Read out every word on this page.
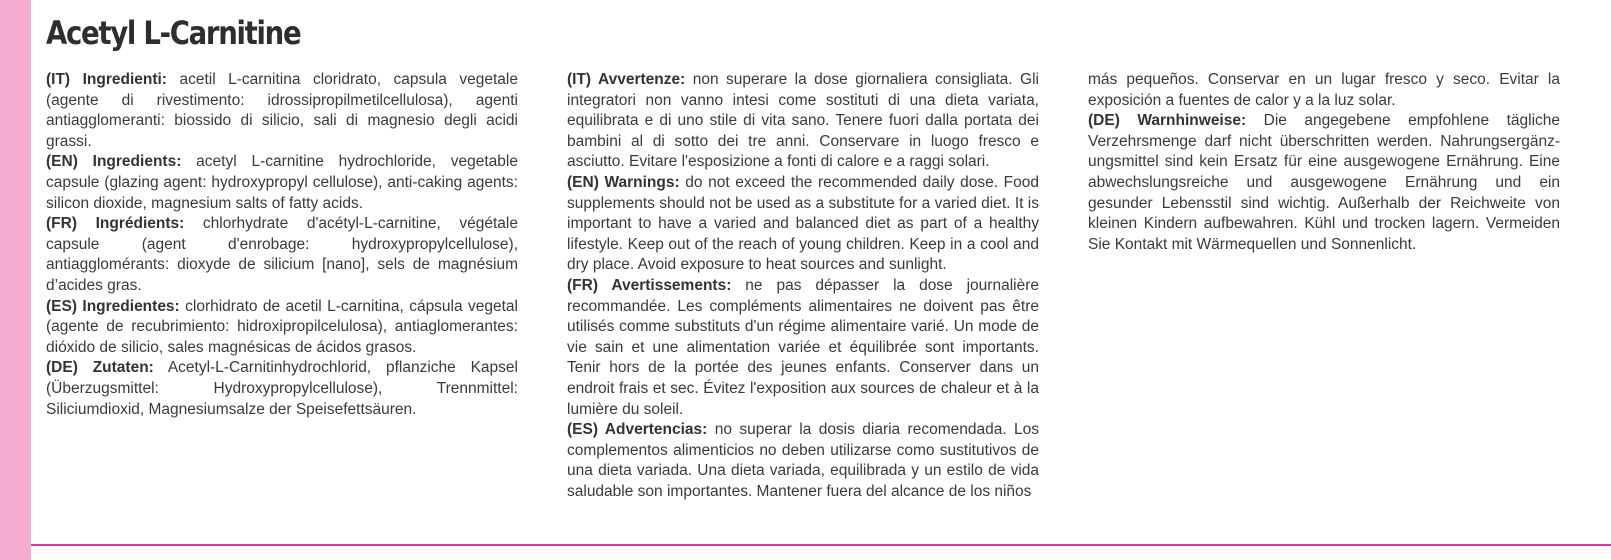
Acetyl L-Carnitine

(IT) Ingredienti: acetil L-carnitina cloridrato, capsula vegetale (agente di rivestimento: idrossipropilmetilcellulosa), agenti antiagglomeranti: biossido di silicio, sali di magnesio degli acidi grassi.

(EN) Ingredients: acetyl L-carnitine hydrochloride, vegetable capsule (glazing agent: hydroxypropyl cellulose), anti-caking agents: silicon dioxide, magnesium salts of fatty acids.

(FR) Ingrédients: chlorhydrate d'acétyl-L-carnitine, végétale capsule (agent d'enrobage: hydroxypropylcellulose), antiagglomérants: dioxyde de silicium [nano], sels de magnésium d’acides gras.

(ES) Ingredientes: clorhidrato de acetil L-carnitina, cápsula vegetal (agente de recubrimiento: hidroxipropilcelulosa), antiaglomerantes: dióxido de silicio, sales magnésicas de ácidos grasos.

(DE) Zutaten: Acetyl-L-Carnitinhydrochlorid, pflanziche Kapsel (Überzugsmittel: Hydroxypropylcellulose), Trennmittel: Siliciumdioxid, Magnesiumsalze der Speisefettsäuren.

(IT) Avvertenze: non superare la dose giornaliera consigliata. Gli integratori non vanno intesi come sostituti di una dieta variata, equilibrata e di uno stile di vita sano. Tenere fuori dalla portata dei bambini al di sotto dei tre anni. Conservare in luogo fresco e asciutto. Evitare l'esposizione a fonti di calore e a raggi solari.

(EN) Warnings: do not exceed the recommended daily dose. Food supplements should not be used as a substitute for a varied diet. It is important to have a varied and balanced diet as part of a healthy lifestyle. Keep out of the reach of young children. Keep in a cool and dry place. Avoid exposure to heat sources and sunlight.

(FR) Avertissements: ne pas dépasser la dose journalière recommandée. Les compléments alimentaires ne doivent pas être utilisés comme substituts d'un régime alimentaire varié. Un mode de vie sain et une alimentation variée et équilibrée sont importants. Tenir hors de la portée des jeunes enfants. Conserver dans un endroit frais et sec. Évitez l'exposition aux sources de chaleur et à la lumière du soleil.

(ES) Advertencias: no superar la dosis diaria recomendada. Los complementos alimenticios no deben utilizarse como sustitutivos de una dieta variada. Una dieta variada, equilibrada y un estilo de vida saludable son importantes. Mantener fuera del alcance de los niños

más pequeños. Conservar en un lugar fresco y seco. Evitar la exposición a fuentes de calor y a la luz solar.

(DE) Warnhinweise: Die angegebene empfohlene tägliche Verzehrsmenge darf nicht überschritten werden. Nahrungsergänz-ungsmittel sind kein Ersatz für eine ausgewogene Ernährung. Eine abwechslungsreiche und ausgewogene Ernährung und ein gesunder Lebensstil sind wichtig. Außerhalb der Reichweite von kleinen Kindern aufbewahren. Kühl und trocken lagern. Vermeiden Sie Kontakt mit Wärmequellen und Sonnenlicht.
